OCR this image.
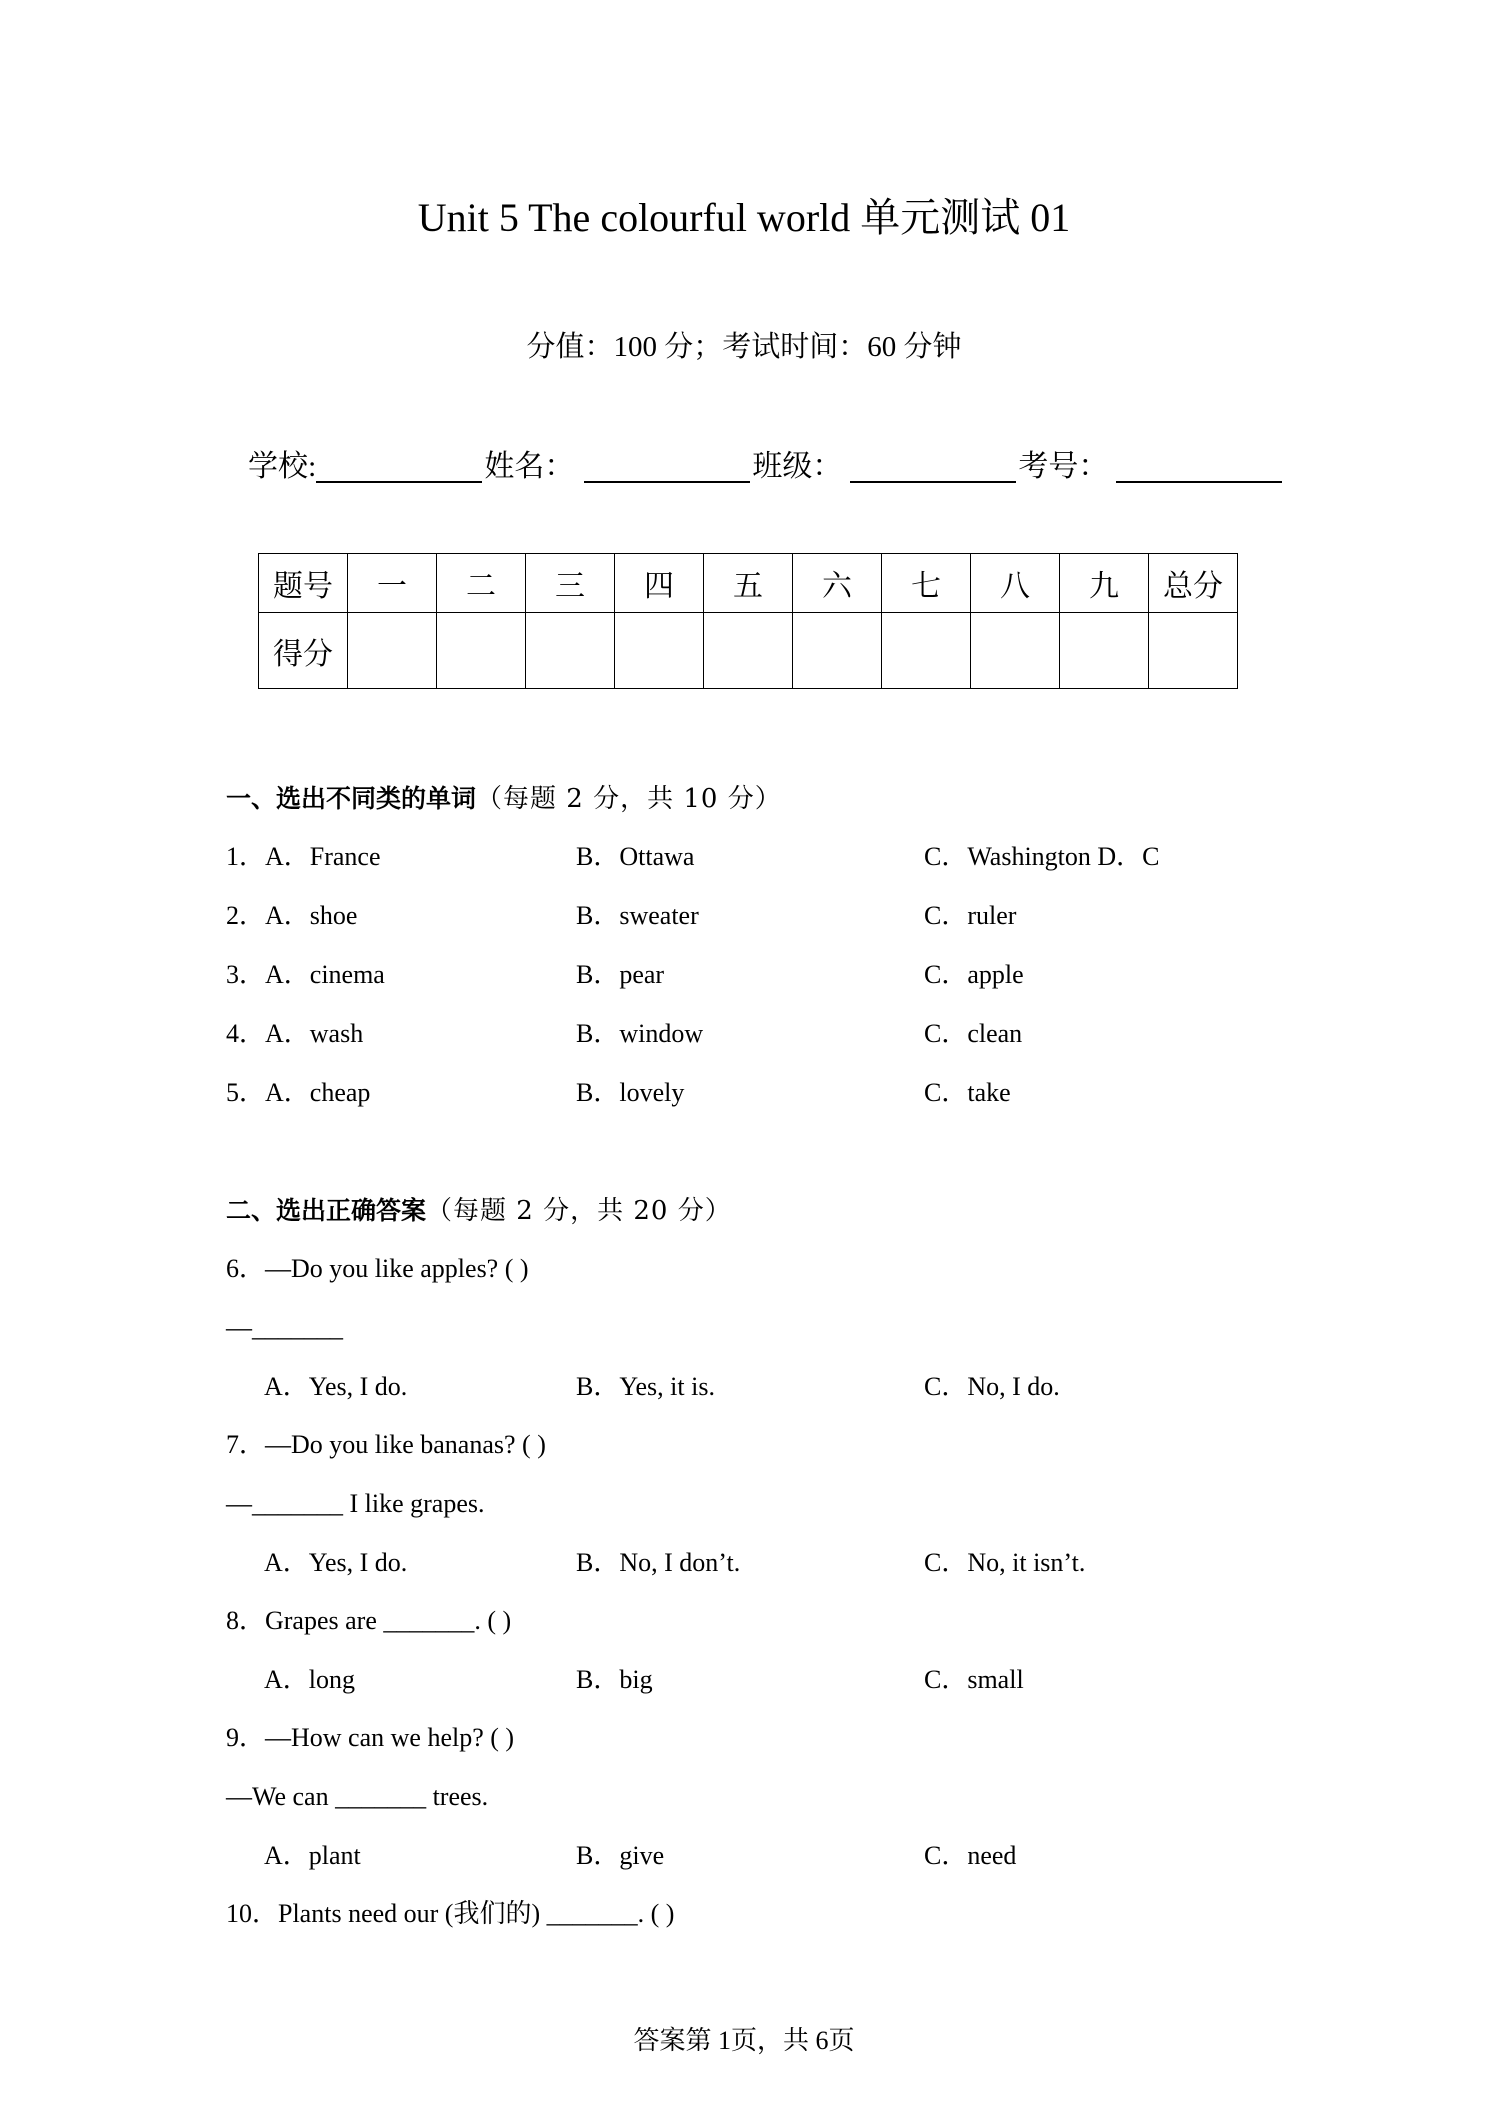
Unit 5 The colourful world 单元测试 01
分值：100 分；考试时间：60 分钟
学校:	姓名：	班级：	考号：
题号	一	二	三	四	五	六	七	八	九	总分
得分										
一、选出不同类的单词（每题 2 分，共 10 分）
1．A．France	B．Ottawa	C．Washington D．C
2．A．shoe	B．sweater	C．ruler
3．A．cinema	B．pear	C．apple
4．A．wash	B．window	C．clean
5．A．cheap	B．lovely	C．take
二、选出正确答案（每题 2 分，共 20 分）
6．—Do you like apples? ( )
—_______
A．Yes, I do.	B．Yes, it is.	C．No, I do.
7．—Do you like bananas? ( )
—_______ I like grapes.
A．Yes, I do.	B．No, I don’t.	C．No, it isn’t.
8．Grapes are _______. ( )
A．long	B．big	C．small
9．—How can we help? ( )
—We can _______ trees.
A．plant	B．give	C．need
10．Plants need our (我们的) _______. ( )
答案第 1页，共 6页
